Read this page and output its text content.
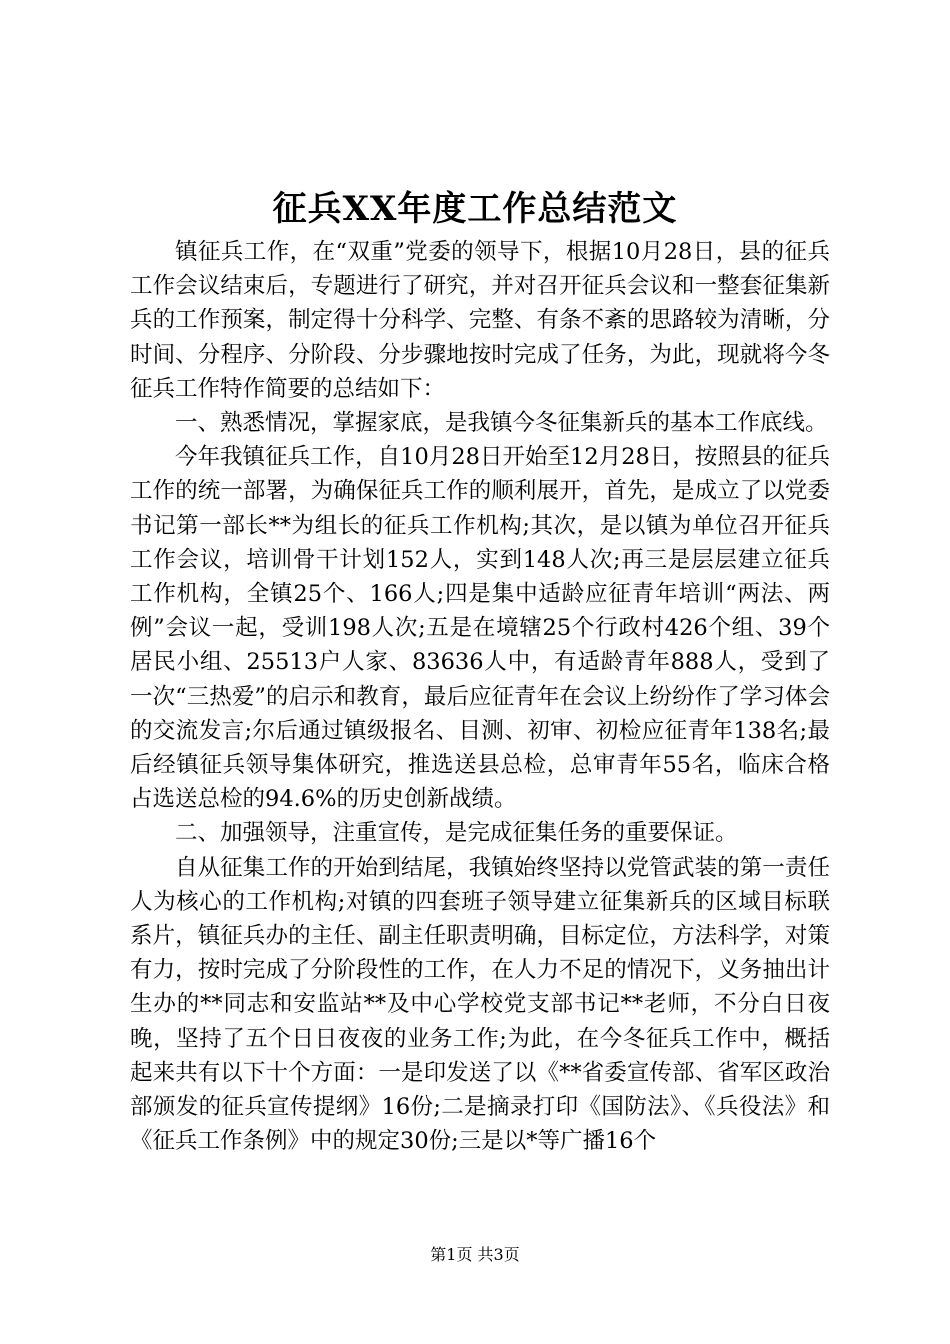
征兵XX年度工作总结范文

镇征兵工作，在“双重”党委的领导下，根据10月28日，县的征兵工作会议结束后，专题进行了研究，并对召开征兵会议和一整套征集新兵的工作预案，制定得十分科学、完整、有条不紊的思路较为清晰，分时间、分程序、分阶段、分步骤地按时完成了任务，为此，现就将今冬征兵工作特作简要的总结如下：

一、熟悉情况，掌握家底，是我镇今冬征集新兵的基本工作底线。

今年我镇征兵工作，自10月28日开始至12月28日，按照县的征兵工作的统一部署，为确保征兵工作的顺利展开，首先，是成立了以党委书记第一部长**为组长的征兵工作机构;其次，是以镇为单位召开征兵工作会议，培训骨干计划152人，实到148人次;再三是层层建立征兵工作机构，全镇25个、166人;四是集中适龄应征青年培训“两法、两例”会议一起，受训198人次;五是在境辖25个行政村426个组、39个居民小组、25513户人家、83636人中，有适龄青年888人，受到了一次“三热爱”的启示和教育，最后应征青年在会议上纷纷作了学习体会的交流发言;尔后通过镇级报名、目测、初审、初检应征青年138名;最后经镇征兵领导集体研究，推选送县总检，总审青年55名，临床合格占选送总检的94.6%的历史创新战绩。

二、加强领导，注重宣传，是完成征集任务的重要保证。

自从征集工作的开始到结尾，我镇始终坚持以党管武装的第一责任人为核心的工作机构;对镇的四套班子领导建立征集新兵的区域目标联系片，镇征兵办的主任、副主任职责明确，目标定位，方法科学，对策有力，按时完成了分阶段性的工作，在人力不足的情况下，义务抽出计生办的**同志和安监站**及中心学校党支部书记**老师，不分白日夜晚，坚持了五个日日夜夜的业务工作;为此，在今冬征兵工作中，概括起来共有以下十个方面：一是印发送了以《**省委宣传部、省军区政治部颁发的征兵宣传提纲》16份;二是摘录打印《国防法》、《兵役法》和《征兵工作条例》中的规定30份;三是以*等广播16个

第1页 共3页
